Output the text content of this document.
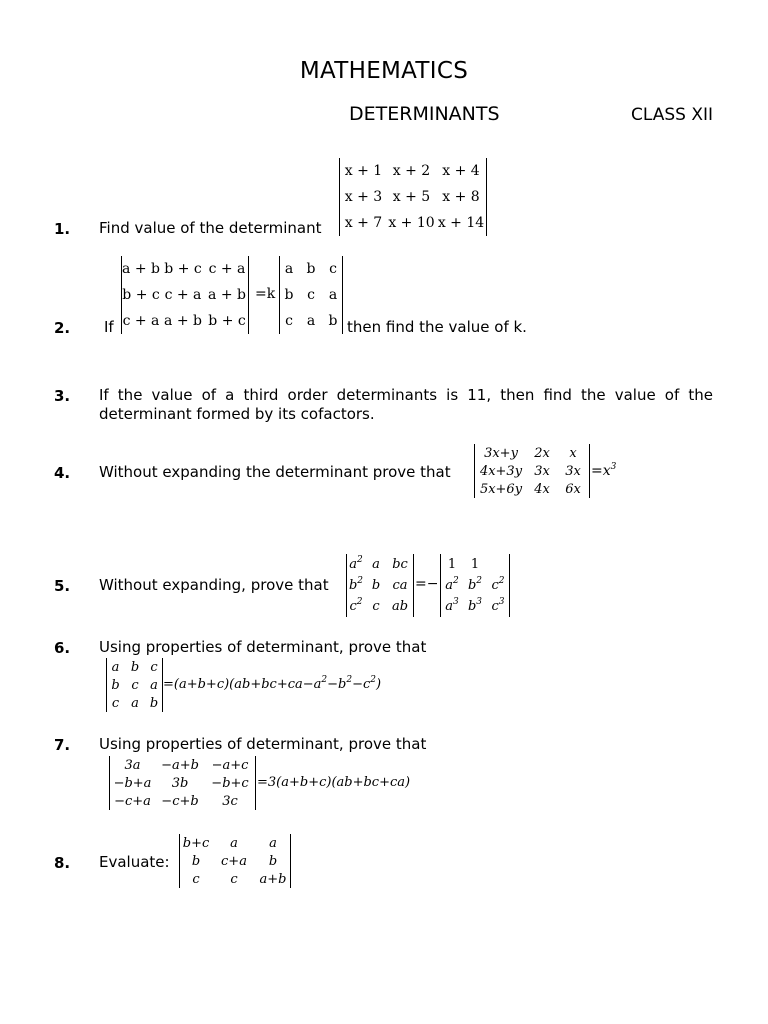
MATHEMATICS
DETERMINANTS	CLASS XII
1. Find value of the determinant
x + 1	x + 2	x + 4
x + 3	x + 5	x + 8
x + 7	x + 10	x + 14
2. If
a + b	b + c	c + a
b + c	c + a	a + b
c + a	a + b	b + c
=k
a	b	c
b	c	a
c	a	b then find the value of k.
3. If the value of a third order determinants is 11, then find the value of the determinant formed by its cofactors.
4. Without expanding the determinant prove that
3x+y	2x	x
4x+3y	3x	3x
5x+6y	4x	6x
$=x^3$
5. Without expanding, prove that
$a^2$	a	bc
$b^2$	b	ca
$c^2$	c	ab
=−
1	1	
$a^2$	$b^2$	$c^2$
$a^3$	$b^3$	$c^3$
6. Using properties of determinant, prove that
a	b	c
b	c	a
c	a	b
$=(a+b+c)(ab+bc+ca-a^2-b^2-c^2)$
7. Using properties of determinant, prove that
3a	−a+b	−a+c
−b+a	3b	−b+c
−c+a	−c+b	3c
=3(a+b+c)(ab+bc+ca)
8. Evaluate:
b+c	a	a
b	c+a	b
c	c	a+b
